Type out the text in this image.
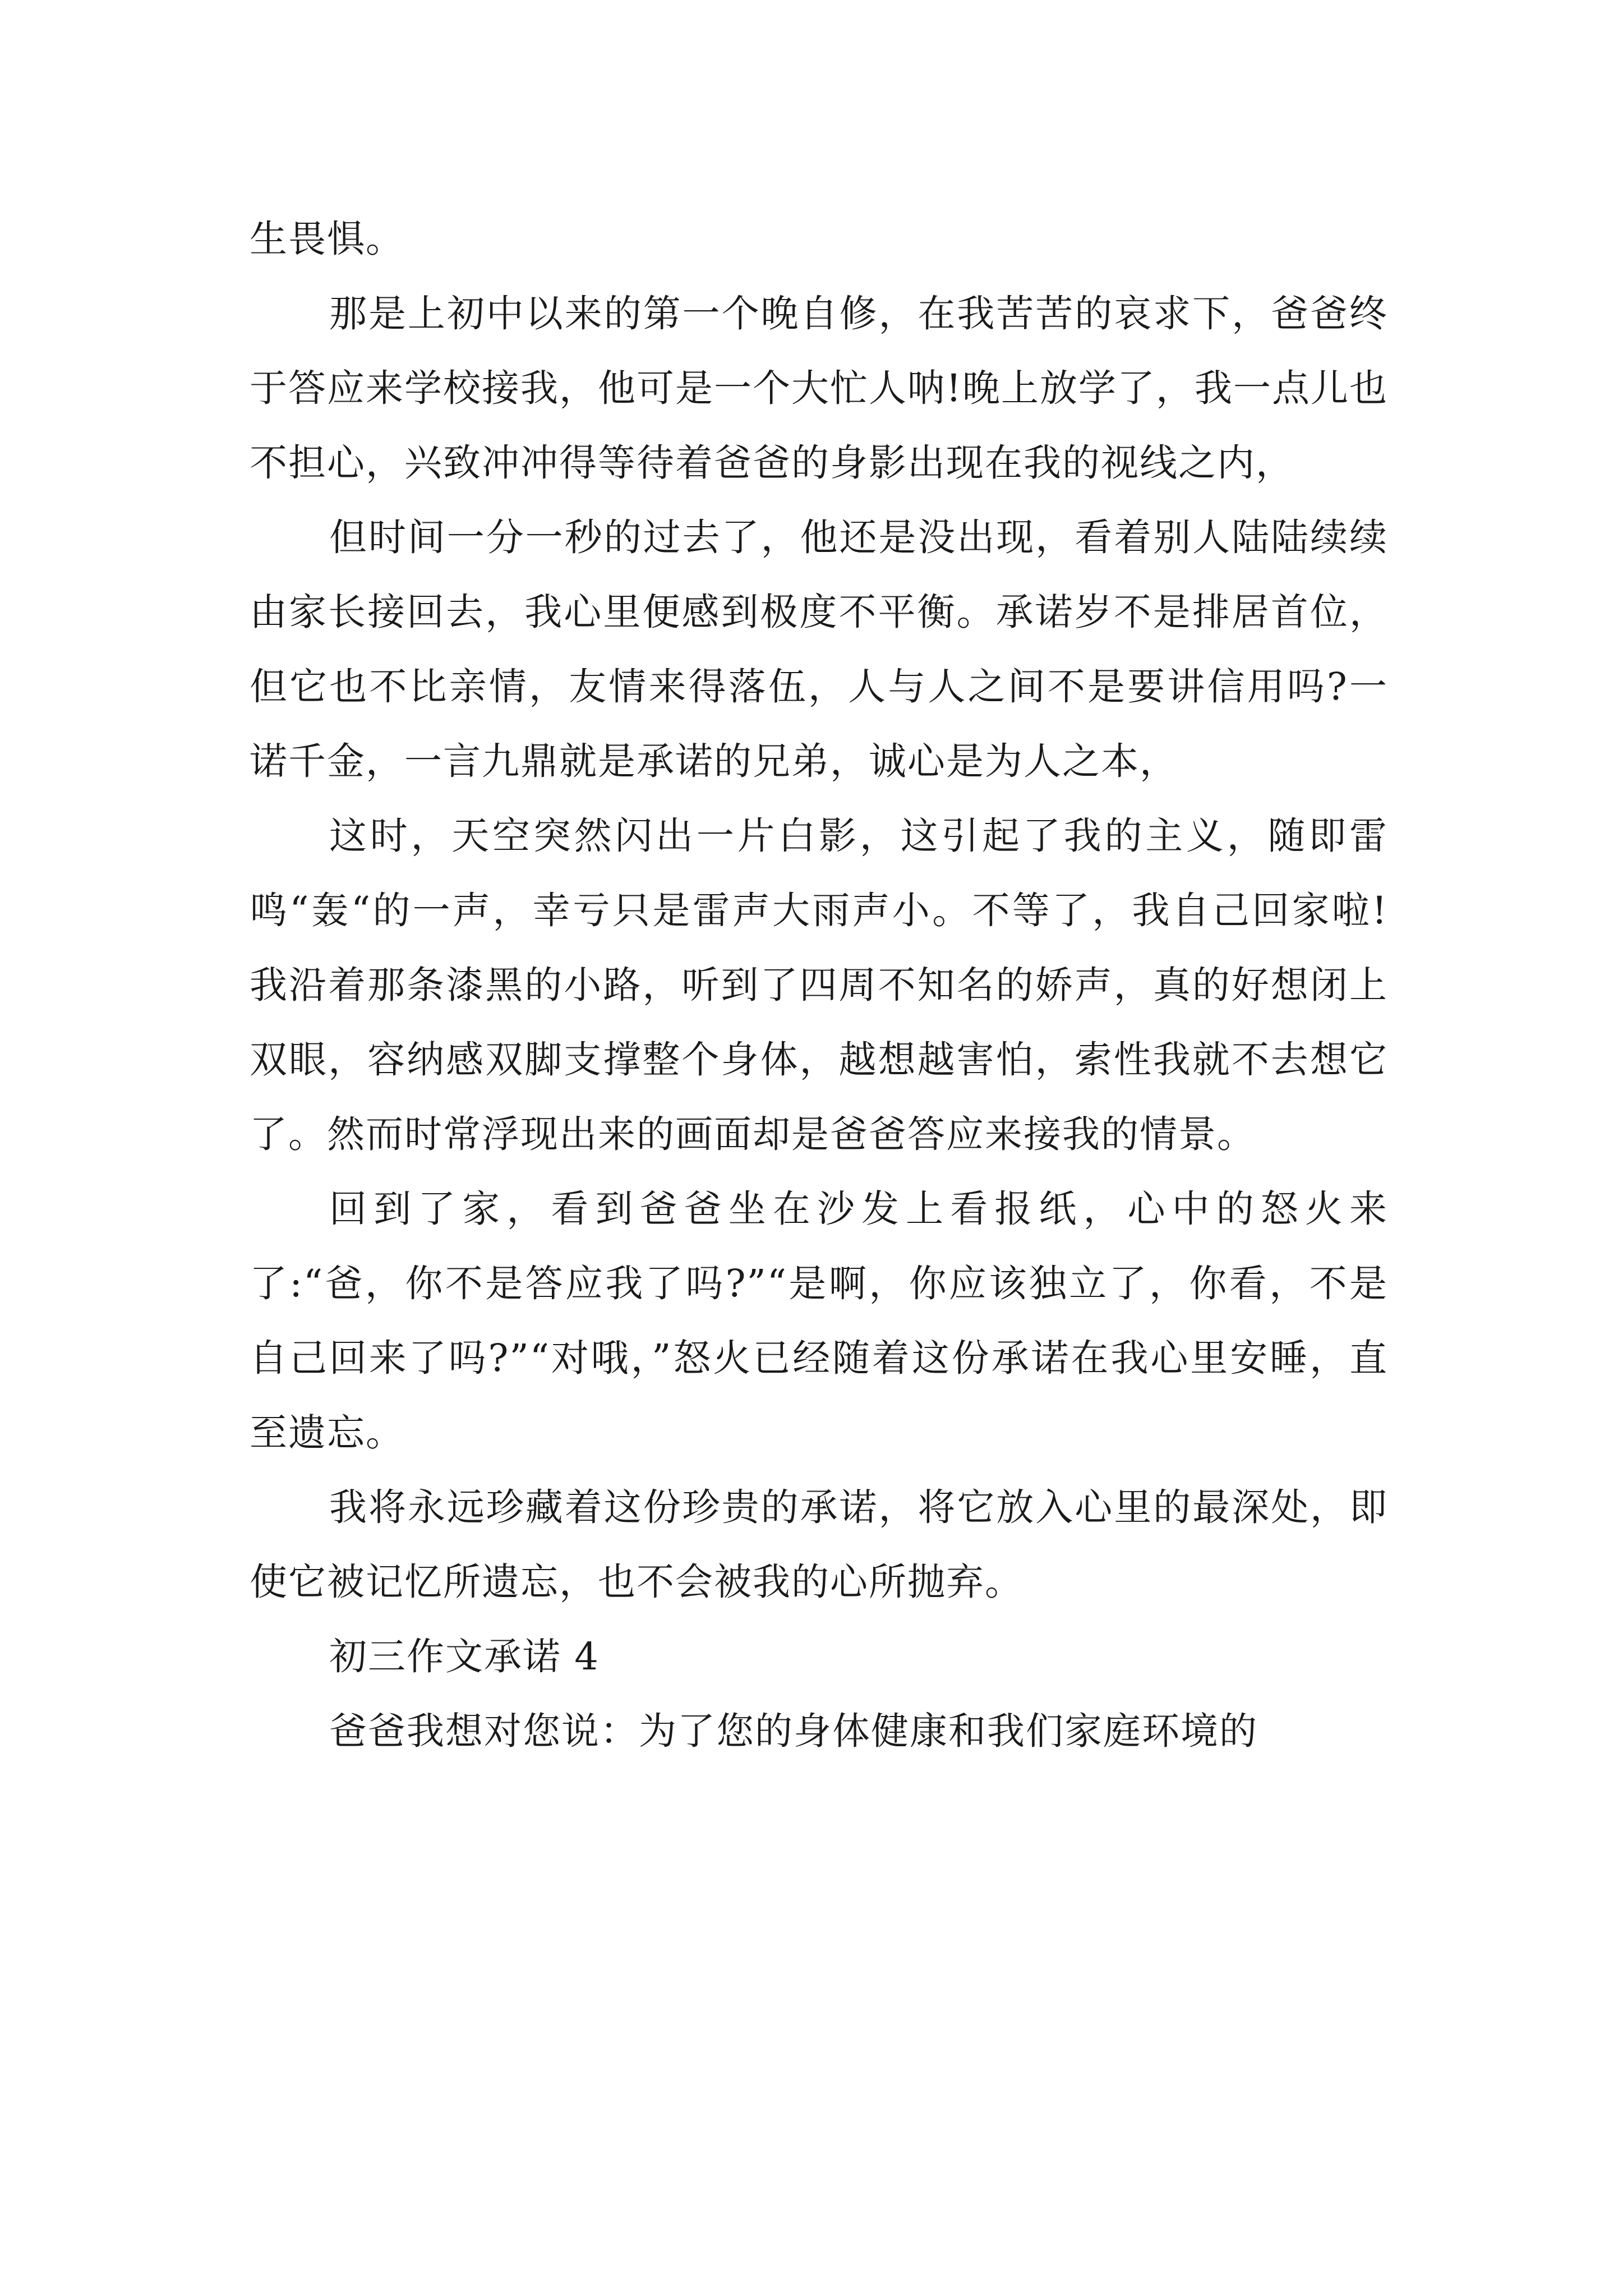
生畏惧。

那是上初中以来的第一个晚自修，在我苦苦的哀求下，爸爸终于答应来学校接我，他可是一个大忙人呐!晚上放学了，我一点儿也不担心，兴致冲冲得等待着爸爸的身影出现在我的视线之内，

但时间一分一秒的过去了，他还是没出现，看着别人陆陆续续由家长接回去，我心里便感到极度不平衡。承诺岁不是排居首位，但它也不比亲情，友情来得落伍，人与人之间不是要讲信用吗?一诺千金，一言九鼎就是承诺的兄弟，诚心是为人之本，

这时，天空突然闪出一片白影，这引起了我的主义，随即雷鸣“轰“的一声，幸亏只是雷声大雨声小。不等了，我自己回家啦!我沿着那条漆黑的小路，听到了四周不知名的娇声，真的好想闭上双眼，容纳感双脚支撑整个身体，越想越害怕，索性我就不去想它了。然而时常浮现出来的画面却是爸爸答应来接我的情景。

回到了家，看到爸爸坐在沙发上看报纸，心中的怒火来了:“爸，你不是答应我了吗?”“是啊，你应该独立了，你看，不是自己回来了吗?”“对哦，”怒火已经随着这份承诺在我心里安睡，直至遗忘。

我将永远珍藏着这份珍贵的承诺，将它放入心里的最深处，即使它被记忆所遗忘，也不会被我的心所抛弃。

初三作文承诺 4

爸爸我想对您说：为了您的身体健康和我们家庭环境的
